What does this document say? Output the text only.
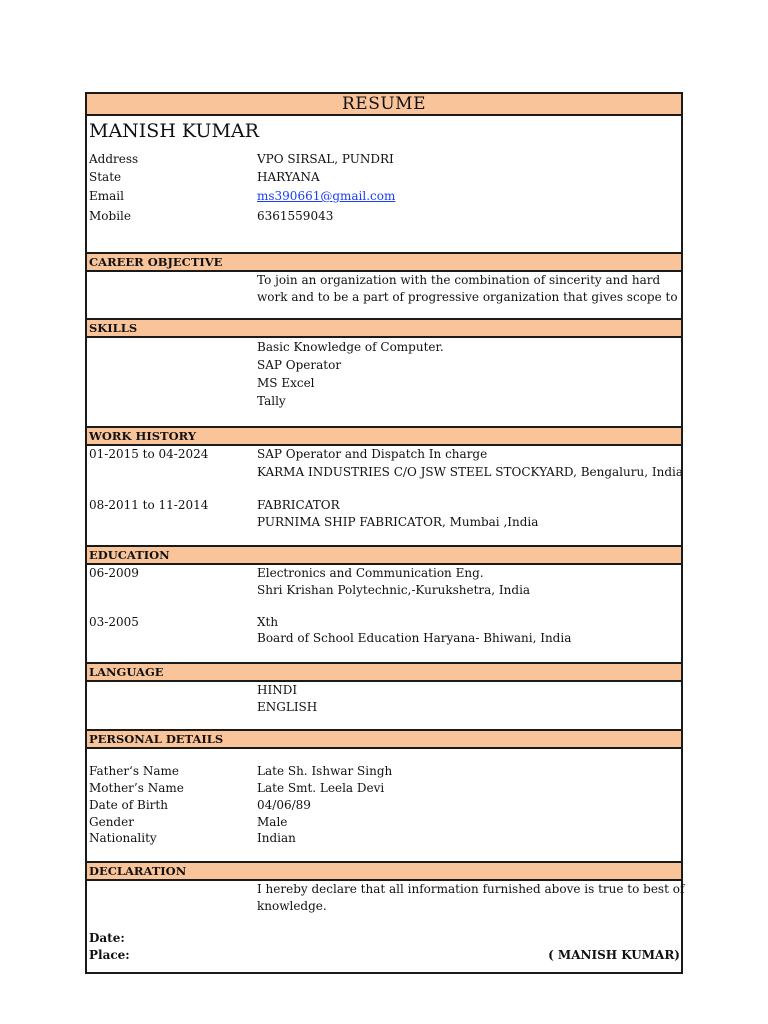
RESUME
MANISH KUMAR
Address	VPO SIRSAL, PUNDRI
State	HARYANA
Email	ms390661@gmail.com
Mobile	6361559043
CAREER OBJECTIVE
To join an organization with the combination of sincerity and hard
work and to be a part of progressive organization that gives scope to
SKILLS
Basic Knowledge of Computer.
SAP Operator
MS Excel
Tally
WORK HISTORY
01-2015 to 04-2024	SAP Operator and Dispatch In charge
KARMA INDUSTRIES C/O JSW STEEL STOCKYARD, Bengaluru, India
08-2011 to 11-2014	FABRICATOR
PURNIMA SHIP FABRICATOR, Mumbai ,India
EDUCATION
06-2009	Electronics and Communication Eng.
Shri Krishan Polytechnic,-Kurukshetra, India
03-2005	Xth
Board of School Education Haryana- Bhiwani, India
LANGUAGE
HINDI
ENGLISH
PERSONAL DETAILS
Father‘s Name	Late Sh. Ishwar Singh
Mother’s Name	Late Smt. Leela Devi
Date of Birth	04/06/89
Gender	Male
Nationality	Indian
DECLARATION
I hereby declare that all information furnished above is true to best of
knowledge.
Date:
Place:	( MANISH KUMAR)
